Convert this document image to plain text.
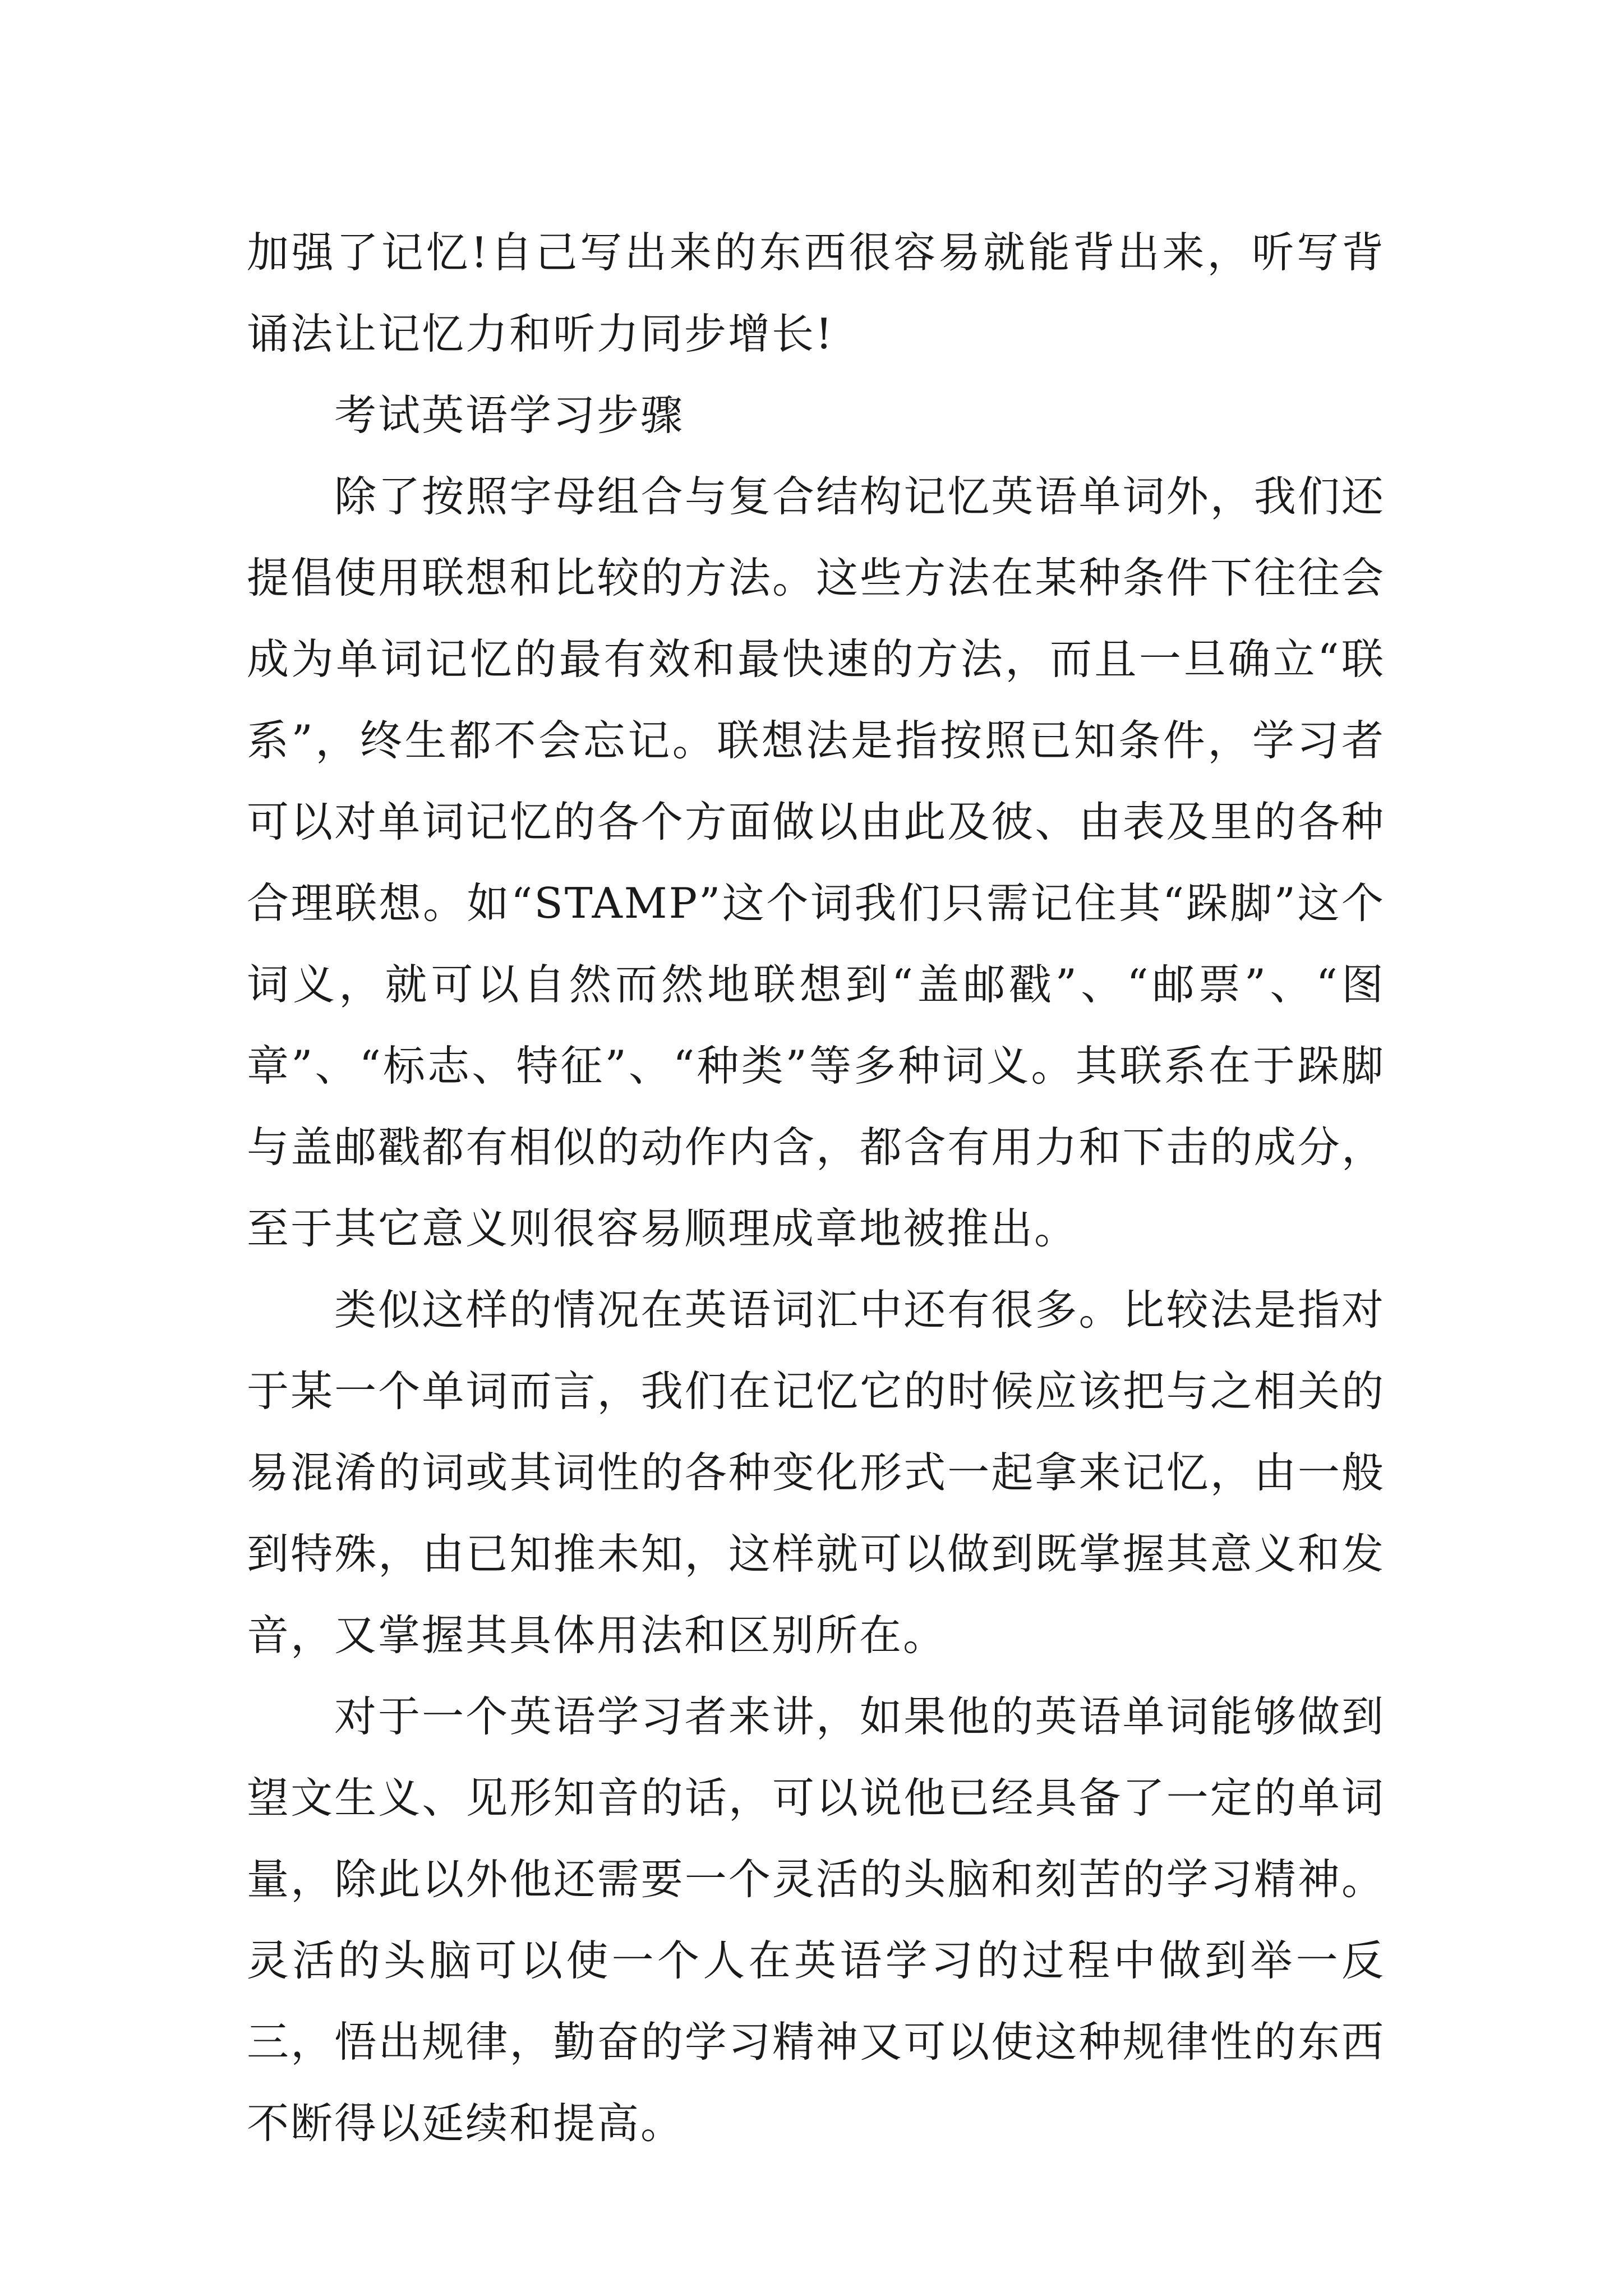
加强了记忆!自己写出来的东西很容易就能背出来，听写背诵法让记忆力和听力同步增长!

考试英语学习步骤

除了按照字母组合与复合结构记忆英语单词外，我们还提倡使用联想和比较的方法。这些方法在某种条件下往往会成为单词记忆的最有效和最快速的方法，而且一旦确立“联系”，终生都不会忘记。联想法是指按照已知条件，学习者可以对单词记忆的各个方面做以由此及彼、由表及里的各种合理联想。如“STAMP”这个词我们只需记住其“跺脚”这个词义，就可以自然而然地联想到“盖邮戳”、“邮票”、“图章”、“标志、特征”、“种类”等多种词义。其联系在于跺脚与盖邮戳都有相似的动作内含，都含有用力和下击的成分，至于其它意义则很容易顺理成章地被推出。

类似这样的情况在英语词汇中还有很多。比较法是指对于某一个单词而言，我们在记忆它的时候应该把与之相关的易混淆的词或其词性的各种变化形式一起拿来记忆，由一般到特殊，由已知推未知，这样就可以做到既掌握其意义和发音，又掌握其具体用法和区别所在。

对于一个英语学习者来讲，如果他的英语单词能够做到望文生义、见形知音的话，可以说他已经具备了一定的单词量，除此以外他还需要一个灵活的头脑和刻苦的学习精神。灵活的头脑可以使一个人在英语学习的过程中做到举一反三，悟出规律，勤奋的学习精神又可以使这种规律性的东西不断得以延续和提高。
